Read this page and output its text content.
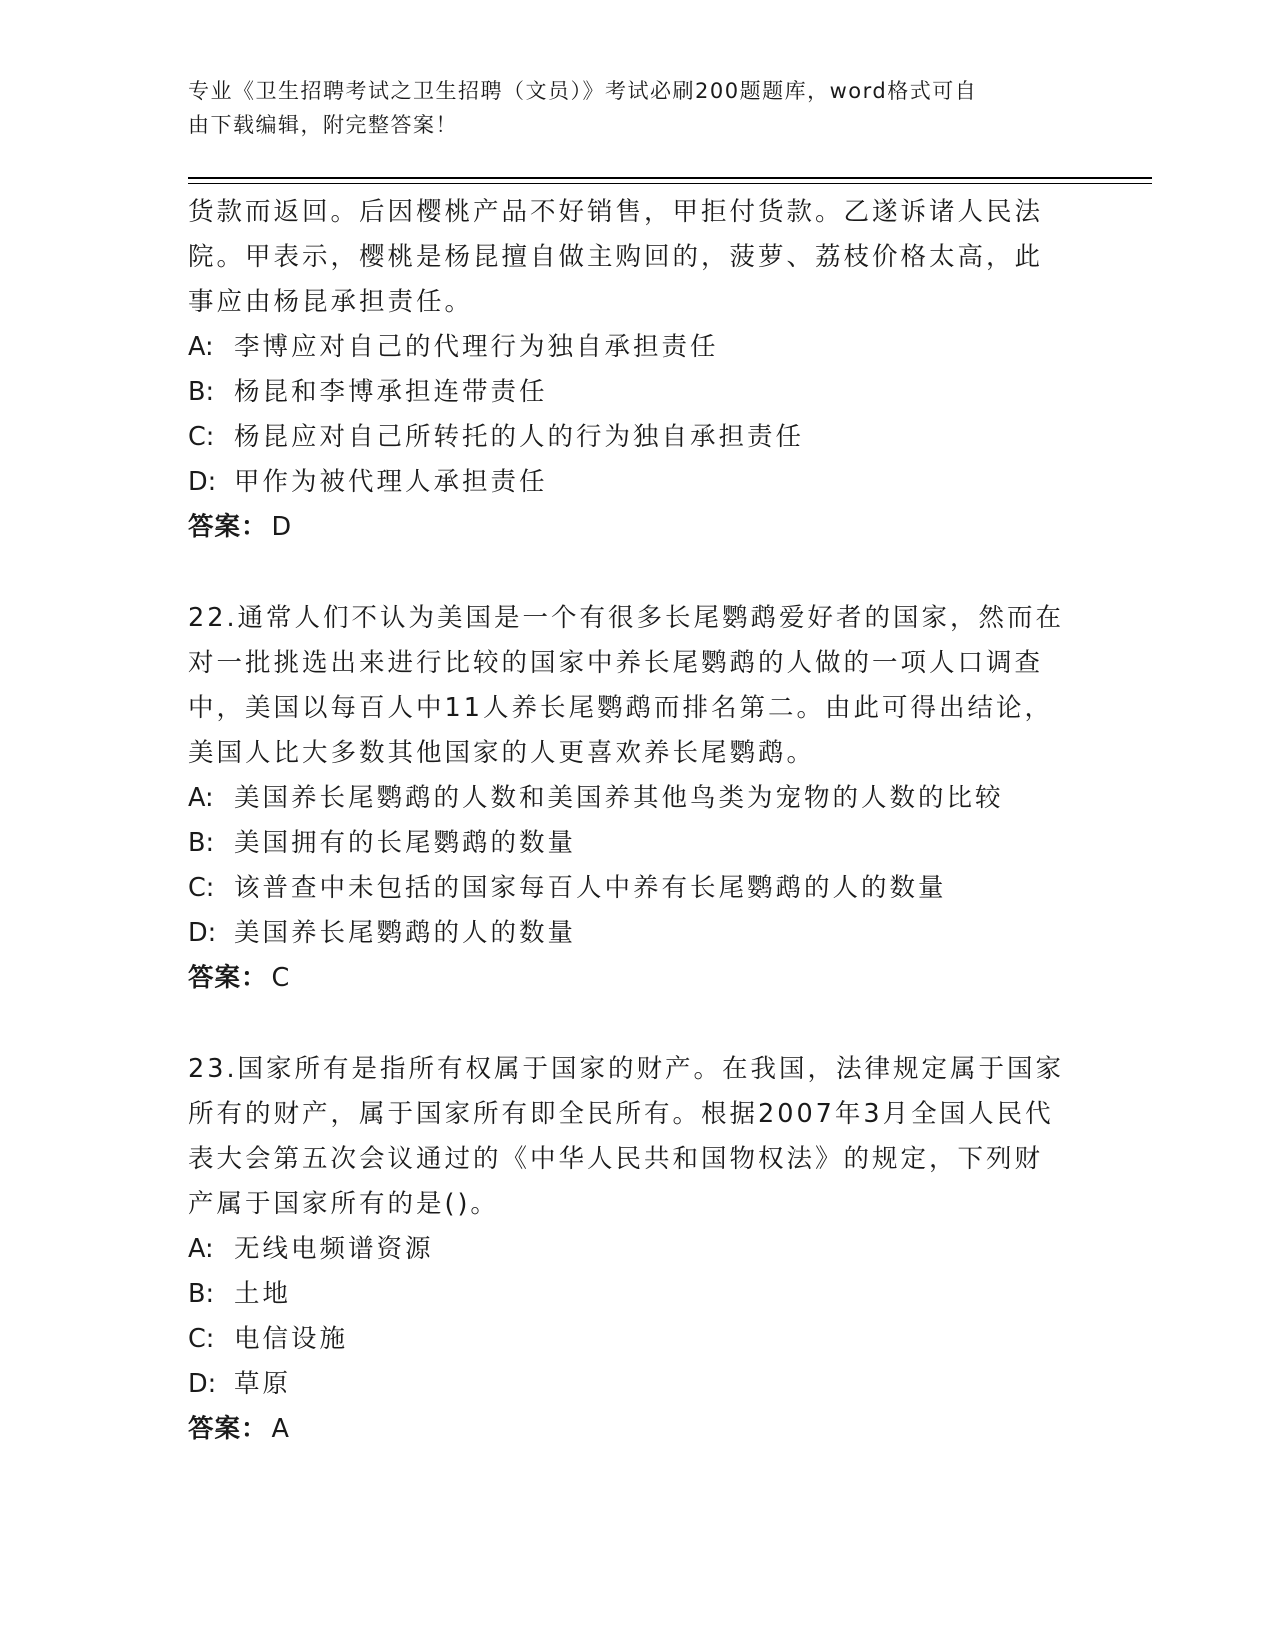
专业《卫生招聘考试之卫生招聘（文员）》考试必刷200题题库，word格式可自
由下载编辑，附完整答案！

货款而返回。后因樱桃产品不好销售，甲拒付货款。乙遂诉诸人民法
院。甲表示，樱桃是杨昆擅自做主购回的，菠萝、荔枝价格太高，此
事应由杨昆承担责任。

A: 李博应对自己的代理行为独自承担责任

B: 杨昆和李博承担连带责任

C: 杨昆应对自己所转托的人的行为独自承担责任

D: 甲作为被代理人承担责任

答案： D

22.通常人们不认为美国是一个有很多长尾鹦鹉爱好者的国家，然而在
对一批挑选出来进行比较的国家中养长尾鹦鹉的人做的一项人口调查
中，美国以每百人中11人养长尾鹦鹉而排名第二。由此可得出结论，
美国人比大多数其他国家的人更喜欢养长尾鹦鹉。

A: 美国养长尾鹦鹉的人数和美国养其他鸟类为宠物的人数的比较

B: 美国拥有的长尾鹦鹉的数量

C: 该普查中未包括的国家每百人中养有长尾鹦鹉的人的数量

D: 美国养长尾鹦鹉的人的数量

答案： C

23.国家所有是指所有权属于国家的财产。在我国，法律规定属于国家
所有的财产，属于国家所有即全民所有。根据2007年3月全国人民代
表大会第五次会议通过的《中华人民共和国物权法》的规定，下列财
产属于国家所有的是()。

A: 无线电频谱资源

B: 土地

C: 电信设施

D: 草原

答案： A
